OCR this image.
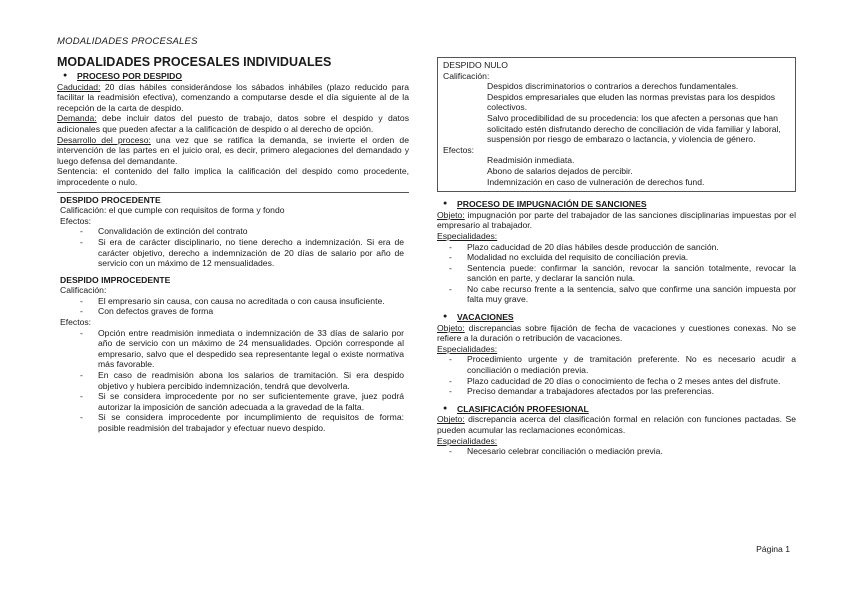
MODALIDADES PROCESALES
MODALIDADES PROCESALES INDIVIDUALES
●	PROCESO POR DESPIDO

Caducidad: 20 días hábiles considerándose los sábados inhábiles (plazo reducido para facilitar la readmisión efectiva), comenzando a computarse desde el día siguiente al de la recepción de la carta de despido.

Demanda: debe incluir datos del puesto de trabajo, datos sobre el despido y datos adicionales que pueden afectar a la calificación de despido o al derecho de opción.

Desarrollo del proceso: una vez que se ratifica la demanda, se invierte el orden de intervención de las partes en el juicio oral, es decir, primero alegaciones del demandado y luego defensa del demandante.

Sentencia: el contenido del fallo implica la calificación del despido como procedente, improcedente o nulo.

DESPIDO PROCEDENTE
Calificación: el que cumple con requisitos de forma y fondo
Efectos:
-	Convalidación de extinción del contrato
-	Si era de carácter disciplinario, no tiene derecho a indemnización. Si era de carácter objetivo, derecho a indemnización de 20 días de salario por año de servicio con un máximo de 12 mensualidades.
DESPIDO IMPROCEDENTE
Calificación:
-	El empresario sin causa, con causa no acreditada o con causa insuficiente.
-	Con defectos graves de forma
Efectos:
-	Opción entre readmisión inmediata o indemnización de 33 días de salario por año de servicio con un máximo de 24 mensualidades. Opción corresponde al empresario, salvo que el despedido sea representante legal o existe normativa más favorable.
-	En caso de readmisión abona los salarios de tramitación. Si era despido objetivo y hubiera percibido indemnización, tendrá que devolverla.
-	Si se considera improcedente por no ser suficientemente grave, juez podrá autorizar la imposición de sanción adecuada a la gravedad de la falta.
-	Si se considera improcedente por incumplimiento de requisitos de forma: posible readmisión del trabajador y efectuar nuevo despido.
DESPIDO NULO
Calificación:
Despidos discriminatorios o contrarios a derechos fundamentales.
Despidos empresariales que eluden las normas previstas para los despidos colectivos.
Salvo procedibilidad de su procedencia: los que afecten a personas que han solicitado estén disfrutando derecho de conciliación de vida familiar y laboral, suspensión por riesgo de embarazo o lactancia, y violencia de género.
Efectos:
Readmisión inmediata.
Abono de salarios dejados de percibir.
Indemnización en caso de vulneración de derechos fund.
●	PROCESO DE IMPUGNACIÓN DE SANCIONES

Objeto: impugnación por parte del trabajador de las sanciones disciplinarias impuestas por el empresario al trabajador.

Especialidades:
-	Plazo caducidad de 20 días hábiles desde producción de sanción.
-	Modalidad no excluida del requisito de conciliación previa.
-	Sentencia puede: confirmar la sanción, revocar la sanción totalmente, revocar la sanción en parte, y declarar la sanción nula.
-	No cabe recurso frente a la sentencia, salvo que confirme una sanción impuesta por falta muy grave.
●	VACACIONES

Objeto: discrepancias sobre fijación de fecha de vacaciones y cuestiones conexas. No se refiere a la duración o retribución de vacaciones.

Especialidades:
-	Procedimiento urgente y de tramitación preferente. No es necesario acudir a conciliación o mediación previa.
-	Plazo caducidad de 20 días o conocimiento de fecha o 2 meses antes del disfrute.
-	Preciso demandar a trabajadores afectados por las preferencias.
●	CLASIFICACIÓN PROFESIONAL

Objeto: discrepancia acerca del clasificación formal en relación con funciones pactadas. Se pueden acumular las reclamaciones económicas.

Especialidades:
-	Necesario celebrar conciliación o mediación previa.
Página 1
